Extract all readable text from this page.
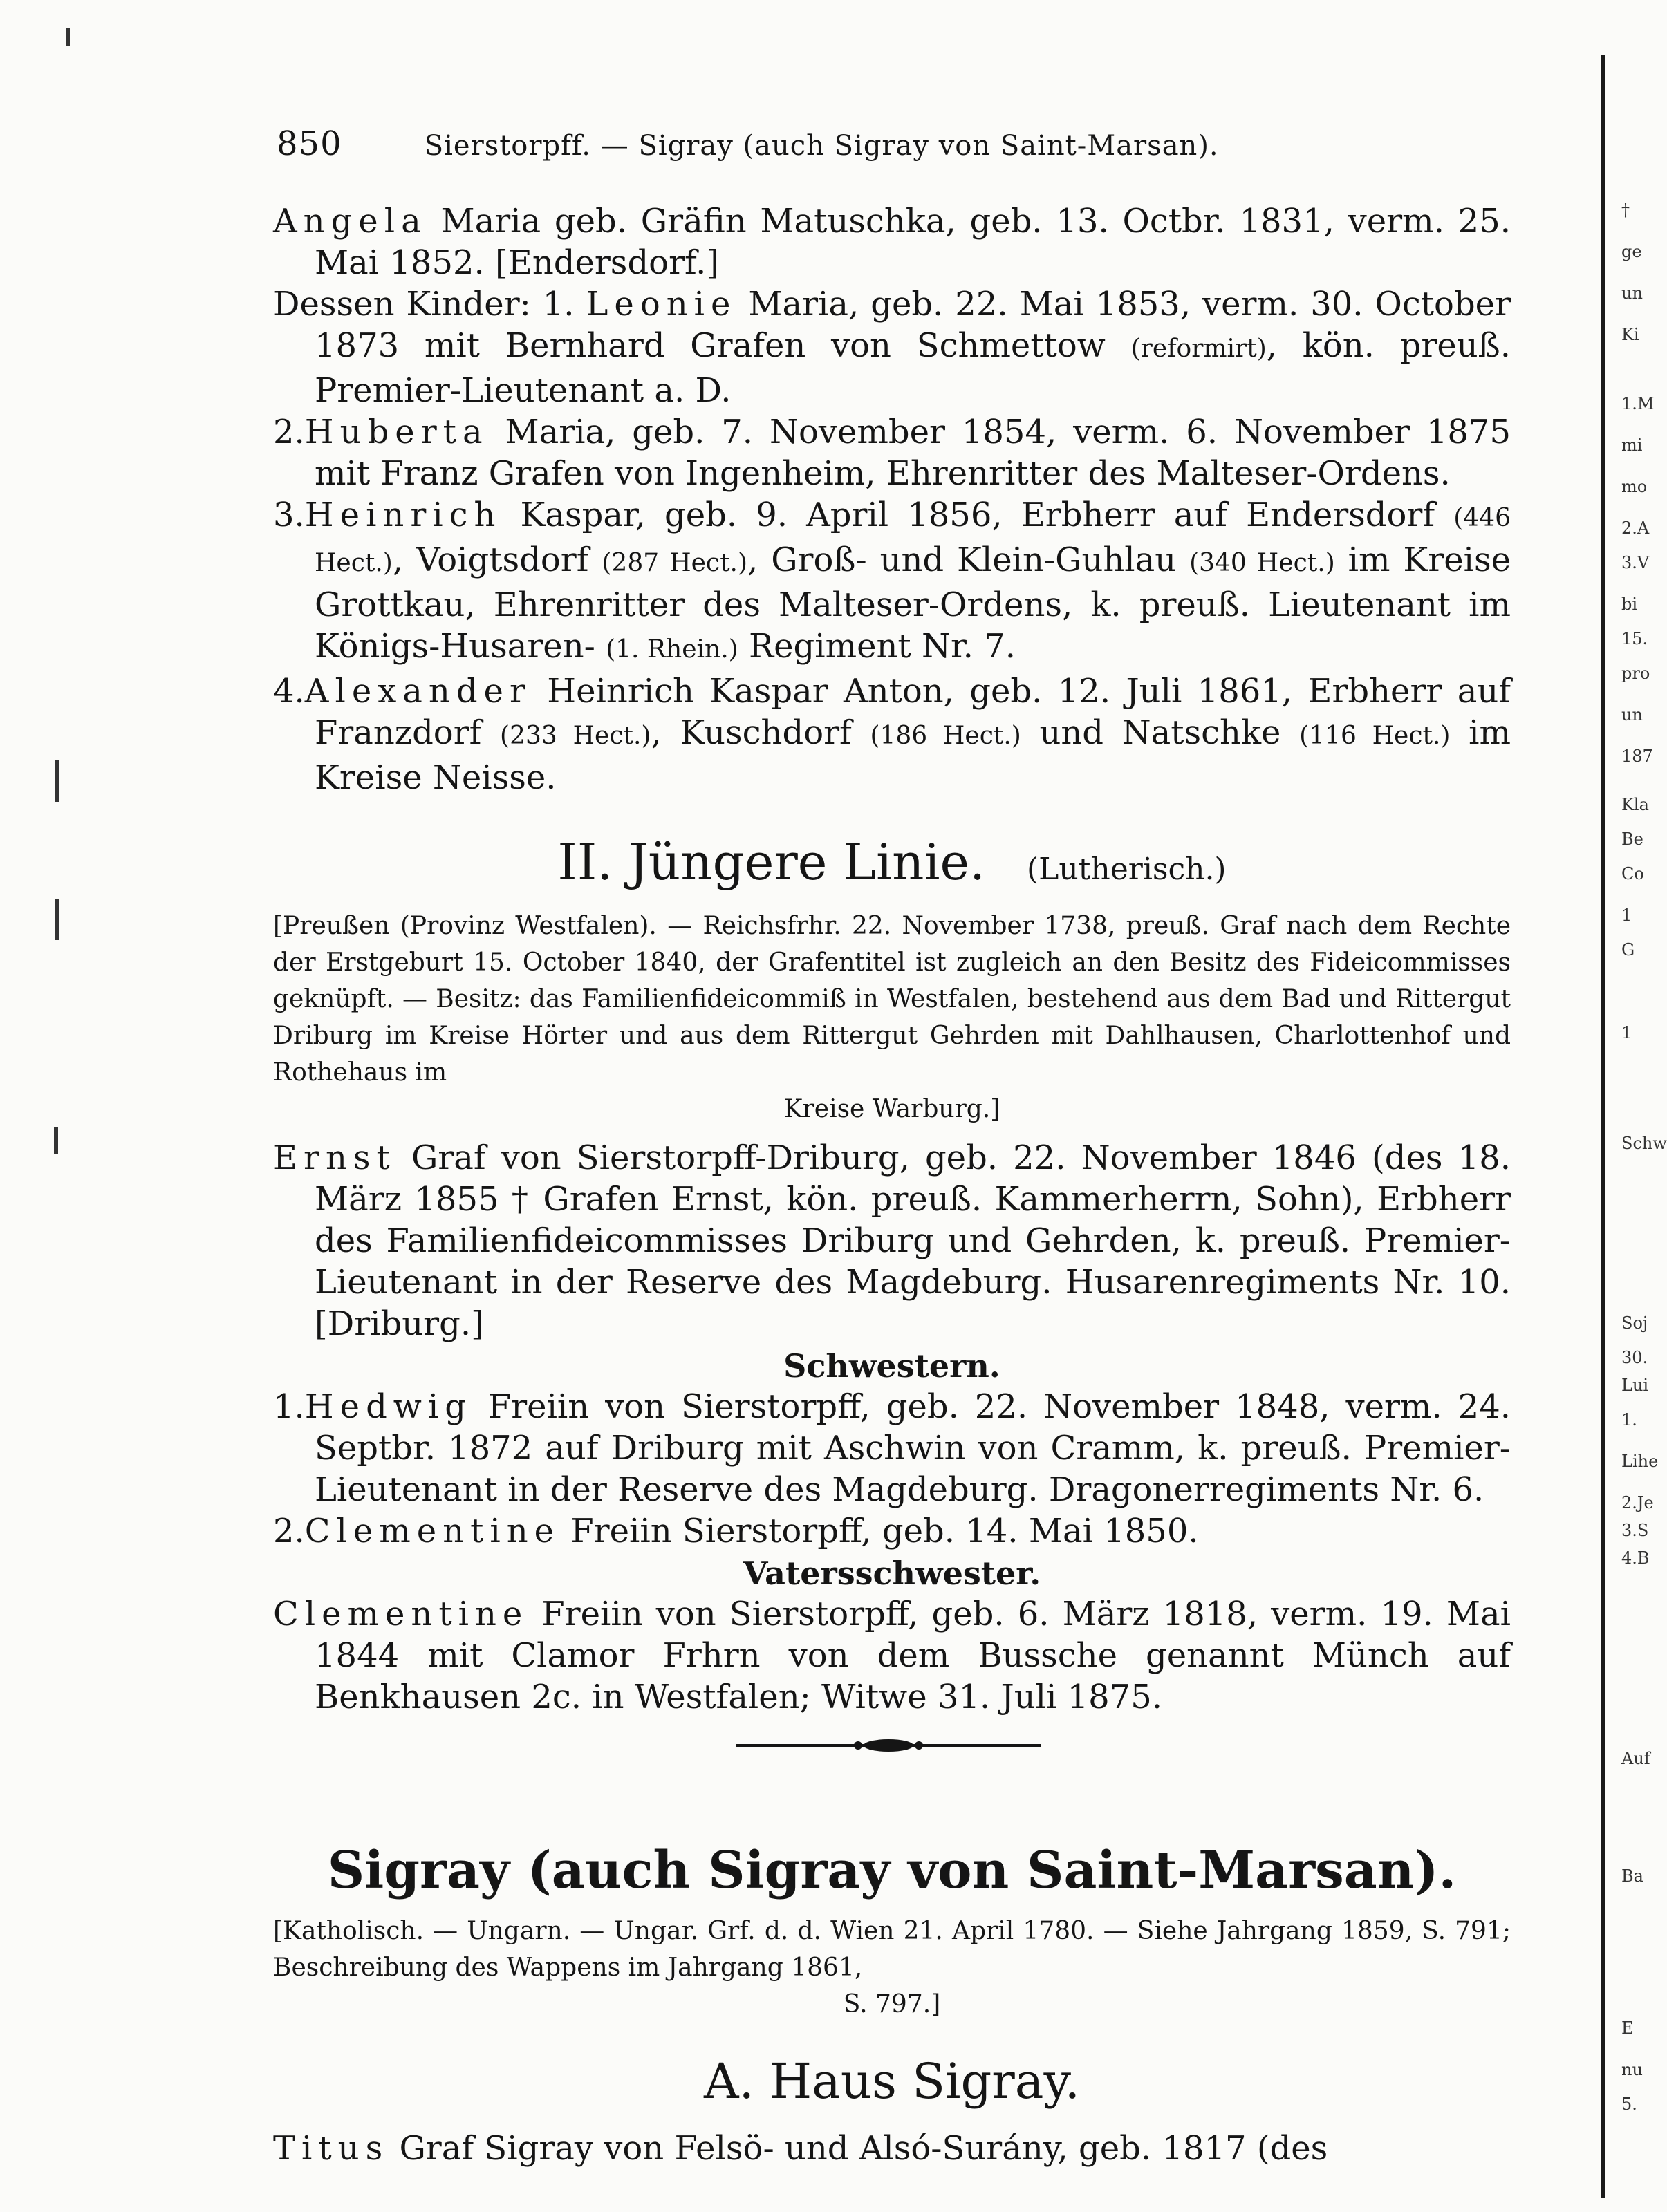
850	Sierstorpff. — Sigray (auch Sigray von Saint-Marsan).

Angela Maria geb. Gräfin Matuschka, geb. 13. Octbr. 1831, verm. 25. Mai 1852. [Endersdorf.]

Dessen Kinder: 1. Leonie Maria, geb. 22. Mai 1853, verm. 30. October 1873 mit Bernhard Grafen von Schmettow (reformirt), kön. preuß. Premier-Lieutenant a. D.

2.Huberta Maria, geb. 7. November 1854, verm. 6. November 1875 mit Franz Grafen von Ingenheim, Ehrenritter des Malteser-Ordens.

3.Heinrich Kaspar, geb. 9. April 1856, Erbherr auf Endersdorf (446 Hect.), Voigtsdorf (287 Hect.), Groß- und Klein-Guhlau (340 Hect.) im Kreise Grottkau, Ehrenritter des Malteser-Ordens, k. preuß. Lieutenant im Königs-Husaren- (1. Rhein.) Regiment Nr. 7.

4.Alexander Heinrich Kaspar Anton, geb. 12. Juli 1861, Erbherr auf Franzdorf (233 Hect.), Kuschdorf (186 Hect.) und Natschke (116 Hect.) im Kreise Neisse.

II. Jüngere Linie. (Lutherisch.)

[Preußen (Provinz Westfalen). — Reichsfrhr. 22. November 1738, preuß. Graf nach dem Rechte der Erstgeburt 15. October 1840, der Grafentitel ist zugleich an den Besitz des Fideicommisses geknüpft. — Besitz: das Familienfideicommiß in Westfalen, bestehend aus dem Bad und Rittergut Driburg im Kreise Hörter und aus dem Rittergut Gehrden mit Dahlhausen, Charlottenhof und Rothehaus im
Kreise Warburg.]

Ernst Graf von Sierstorpff-Driburg, geb. 22. November 1846 (des 18. März 1855 † Grafen Ernst, kön. preuß. Kammerherrn, Sohn), Erbherr des Familienfideicommisses Driburg und Gehrden, k. preuß. Premier-Lieutenant in der Reserve des Magdeburg. Husarenregiments Nr. 10. [Driburg.]

Schwestern.

1.Hedwig Freiin von Sierstorpff, geb. 22. November 1848, verm. 24. Septbr. 1872 auf Driburg mit Aschwin von Cramm, k. preuß. Premier-Lieutenant in der Reserve des Magdeburg. Dragonerregiments Nr. 6.

2.Clementine Freiin Sierstorpff, geb. 14. Mai 1850.

Vatersschwester.

Clementine Freiin von Sierstorpff, geb. 6. März 1818, verm. 19. Mai 1844 mit Clamor Frhrn von dem Bussche genannt Münch auf Benkhausen 2c. in Westfalen; Witwe 31. Juli 1875.

Sigray (auch Sigray von Saint-Marsan).

[Katholisch. — Ungarn. — Ungar. Grf. d. d. Wien 21. April 1780. — Siehe Jahrgang 1859, S. 791; Beschreibung des Wappens im Jahrgang 1861,
S. 797.]

A. Haus Sigray.

Titus Graf Sigray von Felsö- und Alsó-Surány, geb. 1817 (des

†
ge
un
Ki
1.M
mi
mo
2.A
3.V
bi
15.
pro
un
187
Kla
Be
Co
1
G
1
Schw
Soj
30.
Lui
1.
Lihe
2.Je
3.S
4.B
Auf
Ba
E
nu
5.
